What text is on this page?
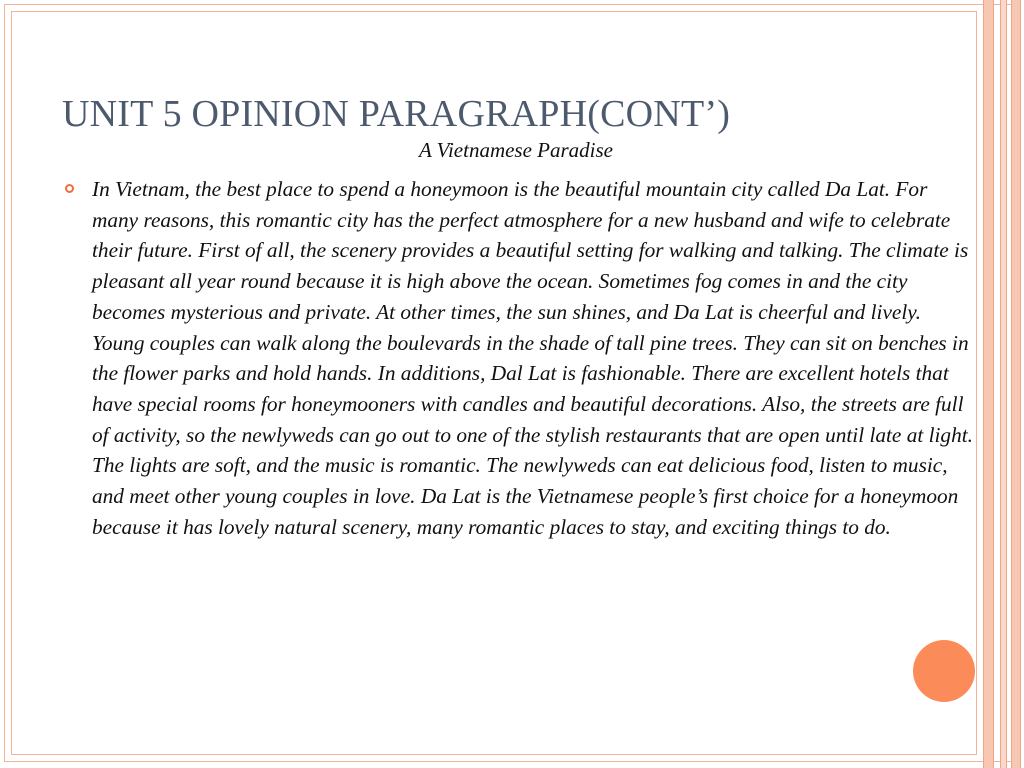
UNIT 5 OPINION PARAGRAPH(CONT’)
A Vietnamese Paradise

In Vietnam, the best place to spend a honeymoon is the beautiful mountain city called Da Lat. For many reasons, this romantic city has the perfect atmosphere for a new husband and wife to celebrate their future. First of all, the scenery provides a beautiful setting for walking and talking. The climate is pleasant all year round because it is high above the ocean. Sometimes fog comes in and the city becomes mysterious and private. At other times, the sun shines, and Da Lat is cheerful and lively. Young couples can walk along the boulevards in the shade of tall pine trees. They can sit on benches in the flower parks and hold hands. In additions, Dal Lat is fashionable. There are excellent hotels that have special rooms for honeymooners with candles and beautiful decorations. Also, the streets are full of activity, so the newlyweds can go out to one of the stylish restaurants that are open until late at light. The lights are soft, and the music is romantic. The newlyweds can eat delicious food, listen to music, and meet other young couples in love. Da Lat is the Vietnamese people’s first choice for a honeymoon because it has lovely natural scenery, many romantic places to stay, and exciting things to do.
